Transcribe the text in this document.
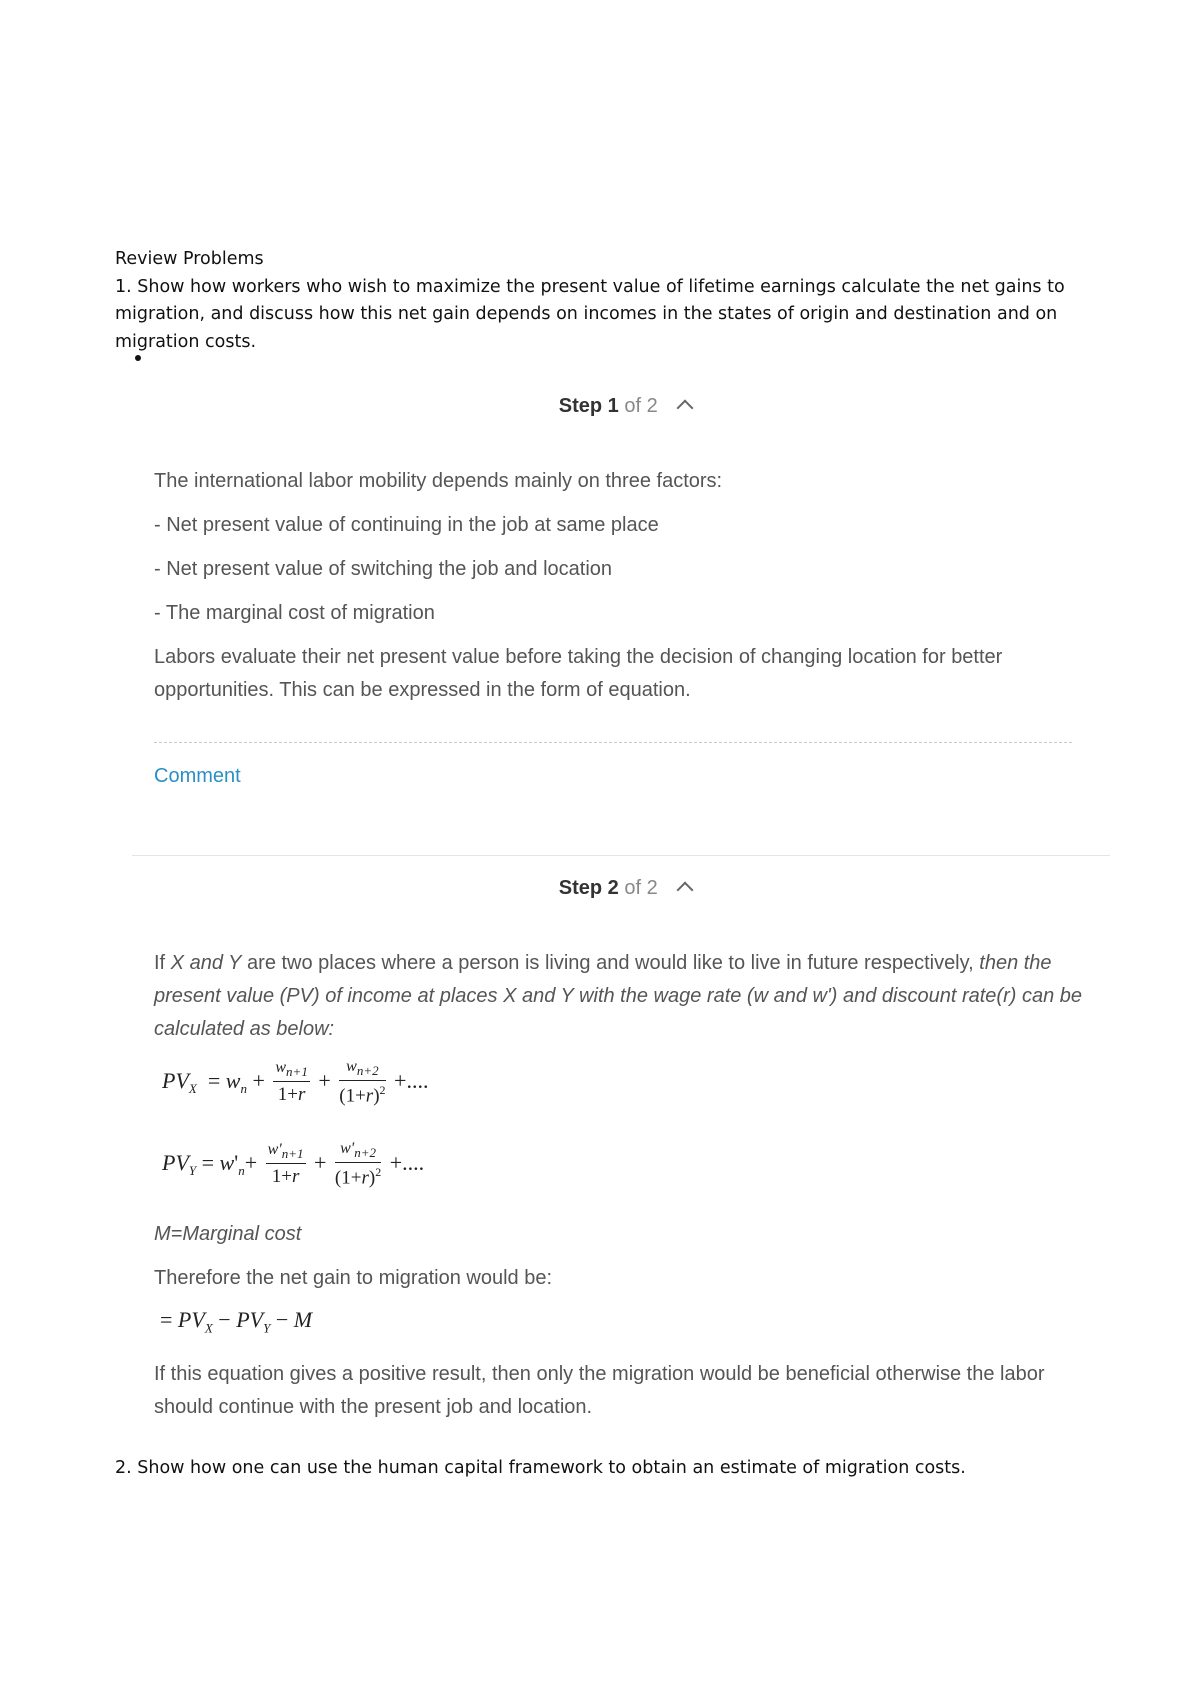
Review Problems

1. Show how workers who wish to maximize the present value of lifetime earnings calculate the net gains to migration, and discuss how this net gain depends on incomes in the states of origin and destination and on migration costs.

Step 1 of 2

The international labor mobility depends mainly on three factors:

- Net present value of continuing in the job at same place

- Net present value of switching the job and location

- The marginal cost of migration

Labors evaluate their net present value before taking the decision of changing location for better opportunities. This can be expressed in the form of equation.

Comment
Step 2 of 2

If X and Y are two places where a person is living and would like to live in future respectively, then the present value (PV) of income at places X and Y with the wage rate (w and w') and discount rate(r) can be calculated as below:

$PV_X = w_n + \frac{w_{n+1}}{1+r} + \frac{w_{n+2}}{(1+r)^2}$ +....
$PV_Y = w'_n+ \frac{w'_{n+1}}{1+r} + \frac{w'_{n+2}}{(1+r)^2}$ +....

M=Marginal cost

Therefore the net gain to migration would be:

= $PV_X - PV_Y - M$

If this equation gives a positive result, then only the migration would be beneficial otherwise the labor should continue with the present job and location.

2. Show how one can use the human capital framework to obtain an estimate of migration costs.
